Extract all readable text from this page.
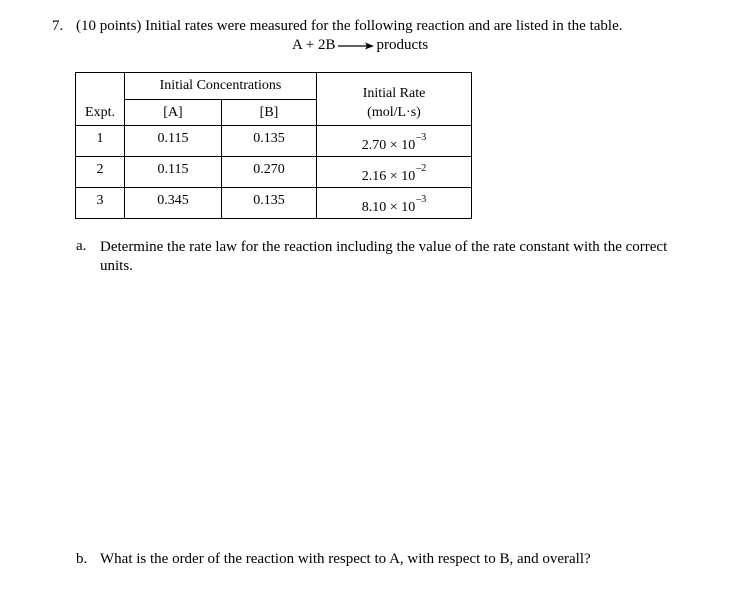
7. (10 points) Initial rates were measured for the following reaction and are listed in the table.
A + 2B → products
Expt.	Initial Concentrations		Initial Rate
(mol/L·s)

	[A]	[B]	
1	0.115	0.135	$2.70 \times 10^{-3}$
2	0.115	0.270	$2.16 \times 10^{-2}$
3	0.345	0.135	$8.10 \times 10^{-3}$
a. Determine the rate law for the reaction including the value of the rate constant with the correct units.
b. What is the order of the reaction with respect to A, with respect to B, and overall?
